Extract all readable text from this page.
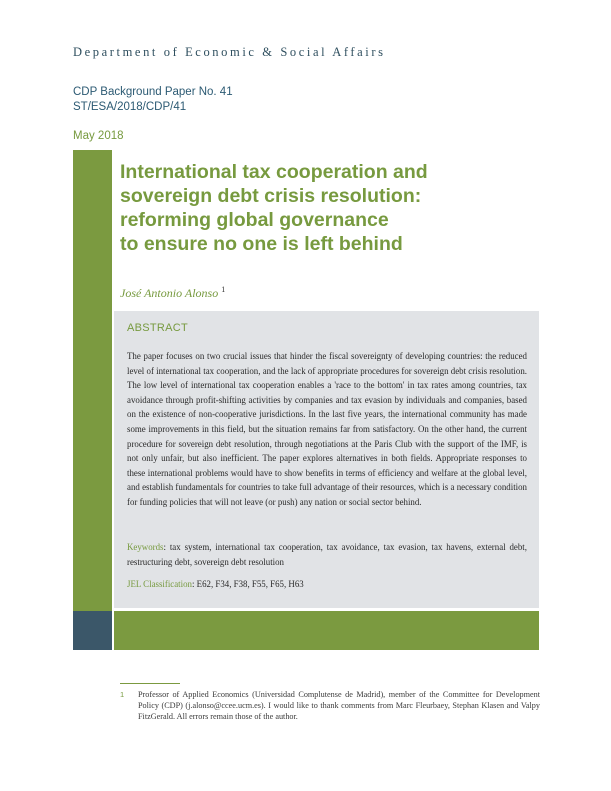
Department of Economic & Social Affairs
CDP Background Paper No. 41
ST/ESA/2018/CDP/41
May 2018
International tax cooperation and
sovereign debt crisis resolution:
reforming global governance
to ensure no one is left behind
José Antonio Alonso $^1$
ABSTRACT

The paper focuses on two crucial issues that hinder the fiscal sovereignty of developing countries: the reduced level of international tax cooperation, and the lack of appropriate procedures for sovereign debt crisis resolution. The low level of international tax cooperation enables a 'race to the bottom' in tax rates among countries, tax avoidance through profit-shifting activities by companies and tax evasion by individuals and companies, based on the existence of non-cooperative jurisdictions. In the last five years, the international community has made some improvements in this field, but the situation remains far from satisfactory. On the other hand, the current procedure for sovereign debt resolution, through negotiations at the Paris Club with the support of the IMF, is not only unfair, but also inefficient. The paper explores alternatives in both fields. Appropriate responses to these international problems would have to show benefits in terms of efficiency and welfare at the global level, and establish fundamentals for countries to take full advantage of their resources, which is a necessary condition for funding policies that will not leave (or push) any nation or social sector behind.

Keywords: tax system, international tax cooperation, tax avoidance, tax evasion, tax havens, external debt, restructuring debt, sovereign debt resolution

JEL Classification: E62, F34, F38, F55, F65, H63

1 Professor of Applied Economics (Universidad Complutense de Madrid), member of the Committee for Development Policy (CDP) (j.alonso@ccee.ucm.es). I would like to thank comments from Marc Fleurbaey, Stephan Klasen and Valpy FitzGerald. All errors remain those of the author.
